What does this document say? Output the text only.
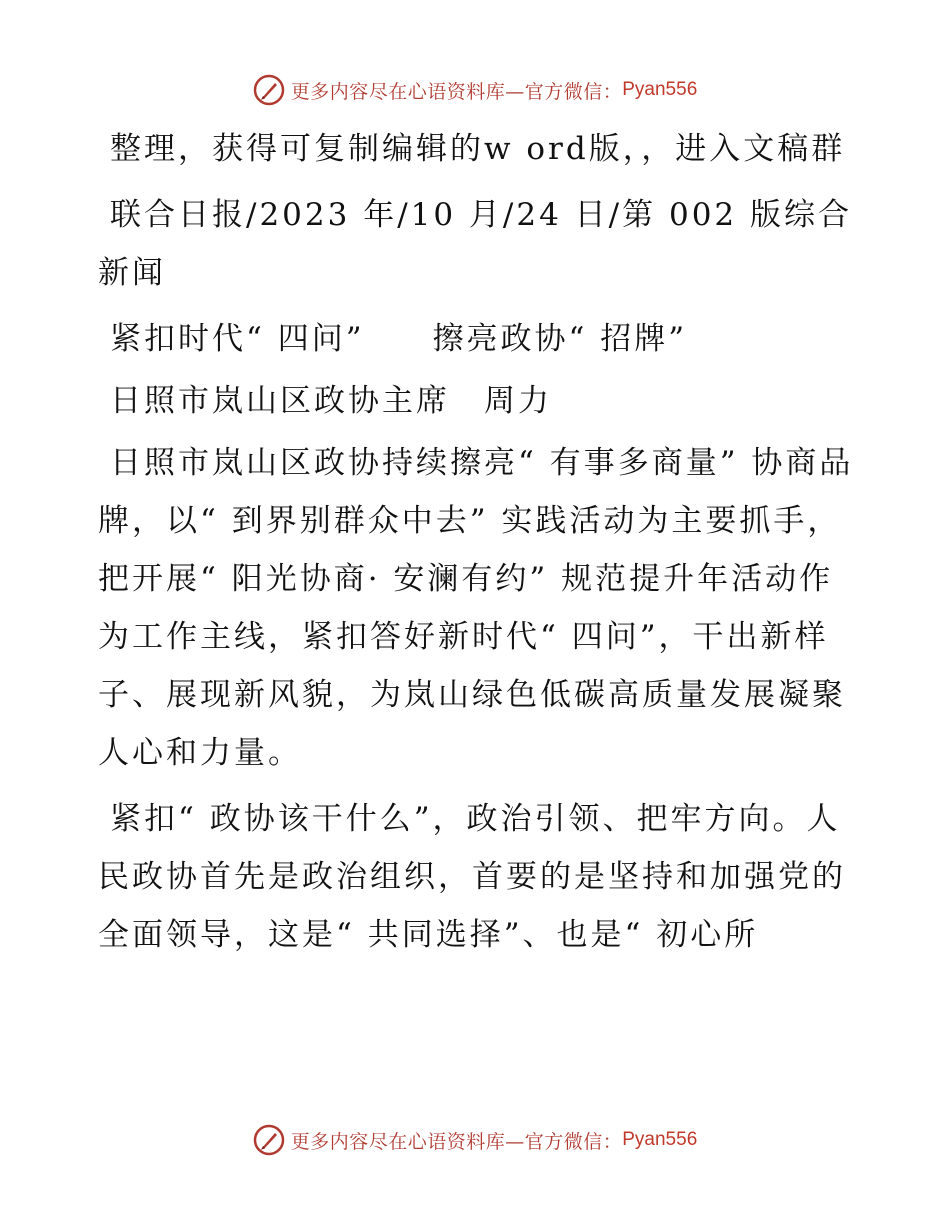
更多内容尽在心语资料库—官方微信： Pyan556

整理，获得可复制编辑的w ord版，，进入文稿群

联合日报/2023 年/10 月/24 日/第 002 版综合新闻

紧扣时代“ 四问”　　擦亮政协“ 招牌”

日照市岚山区政协主席　周力

日照市岚山区政协持续擦亮“ 有事多商量” 协商品牌，以“ 到界别群众中去” 实践活动为主要抓手，把开展“ 阳光协商· 安澜有约” 规范提升年活动作为工作主线，紧扣答好新时代“ 四问”，干出新样子、展现新风貌，为岚山绿色低碳高质量发展凝聚人心和力量。

紧扣“ 政协该干什么”，政治引领、把牢方向。人民政协首先是政治组织，首要的是坚持和加强党的全面领导，这是“ 共同选择”、也是“ 初心所

更多内容尽在心语资料库—官方微信： Pyan556
